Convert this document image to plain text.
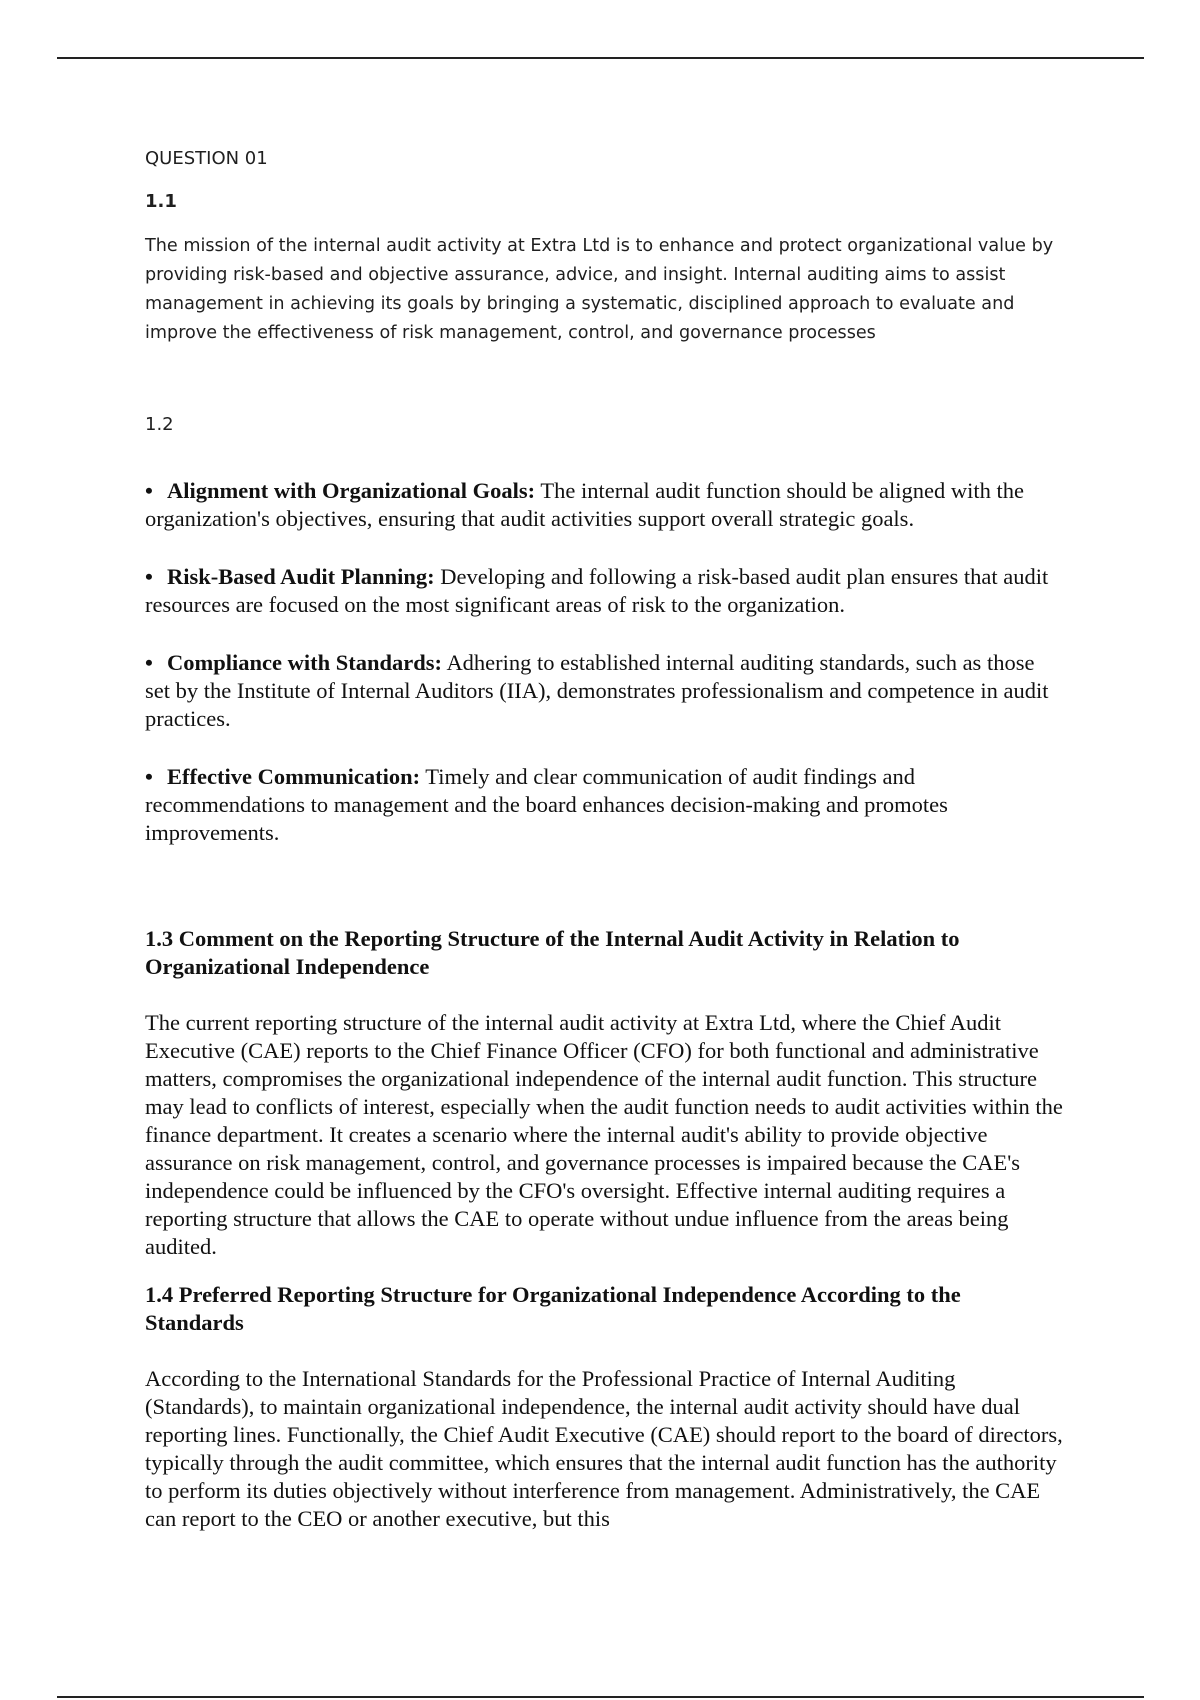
QUESTION 01

1.1

The mission of the internal audit activity at Extra Ltd is to enhance and protect organizational value by providing risk-based and objective assurance, advice, and insight. Internal auditing aims to assist management in achieving its goals by bringing a systematic, disciplined approach to evaluate and improve the effectiveness of risk management, control, and governance processes

1.2

• Alignment with Organizational Goals: The internal audit function should be aligned with the organization's objectives, ensuring that audit activities support overall strategic goals.

• Risk-Based Audit Planning: Developing and following a risk-based audit plan ensures that audit resources are focused on the most significant areas of risk to the organization.

• Compliance with Standards: Adhering to established internal auditing standards, such as those set by the Institute of Internal Auditors (IIA), demonstrates professionalism and competence in audit practices.

• Effective Communication: Timely and clear communication of audit findings and recommendations to management and the board enhances decision-making and promotes improvements.

1.3 Comment on the Reporting Structure of the Internal Audit Activity in Relation to Organizational Independence

The current reporting structure of the internal audit activity at Extra Ltd, where the Chief Audit Executive (CAE) reports to the Chief Finance Officer (CFO) for both functional and administrative matters, compromises the organizational independence of the internal audit function. This structure may lead to conflicts of interest, especially when the audit function needs to audit activities within the finance department. It creates a scenario where the internal audit's ability to provide objective assurance on risk management, control, and governance processes is impaired because the CAE's independence could be influenced by the CFO's oversight. Effective internal auditing requires a reporting structure that allows the CAE to operate without undue influence from the areas being audited.

1.4 Preferred Reporting Structure for Organizational Independence According to the Standards

According to the International Standards for the Professional Practice of Internal Auditing (Standards), to maintain organizational independence, the internal audit activity should have dual reporting lines. Functionally, the Chief Audit Executive (CAE) should report to the board of directors, typically through the audit committee, which ensures that the internal audit function has the authority to perform its duties objectively without interference from management. Administratively, the CAE can report to the CEO or another executive, but this
